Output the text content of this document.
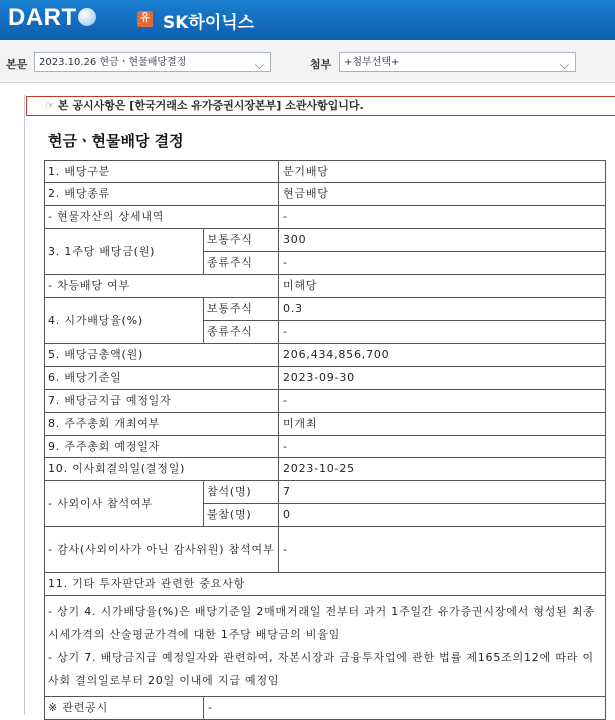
DART	유 SK하이닉스
본문	2023.10.26 현금ㆍ현물배당결정	⌵	첨부	+첨부선택+	⌵
☞ 본 공시사항은 [한국거래소 유가증권시장본부] 소관사항입니다.
현금ㆍ현물배당 결정
1. 배당구분		분기배당
2. 배당종류		현금배당
- 현물자산의 상세내역		-
3. 1주당 배당금(원)	보통주식	300
	종류주식	-
- 차등배당 여부		미해당
4. 시가배당율(%)	보통주식	0.3
	종류주식	-
5. 배당금총액(원)		206,434,856,700
6. 배당기준일		2023-09-30
7. 배당금지급 예정일자		-
8. 주주총회 개최여부		미개최
9. 주주총회 예정일자		-
10. 이사회결의일(결정일)		2023-10-25
- 사외이사 참석여부	참석(명)	7
	불참(명)	0
- 감사(사외이사가 아닌 감사위원) 참석여부		-
11. 기타 투자판단과 관련한 중요사항		

- 상기 4. 시가배당율(%)은 배당기준일 2매매거래일 전부터 과거 1주일간 유가증권시장에서 형성된 최종 시세가격의 산술평균가격에 대한 1주당 배당금의 비율임
- 상기 7. 배당금지급 예정일자와 관련하여, 자본시장과 금융투자업에 관한 법률 제165조의12에 따라 이사회 결의일로부터 20일 이내에 지급 예정임		

※ 관련공시	-	
